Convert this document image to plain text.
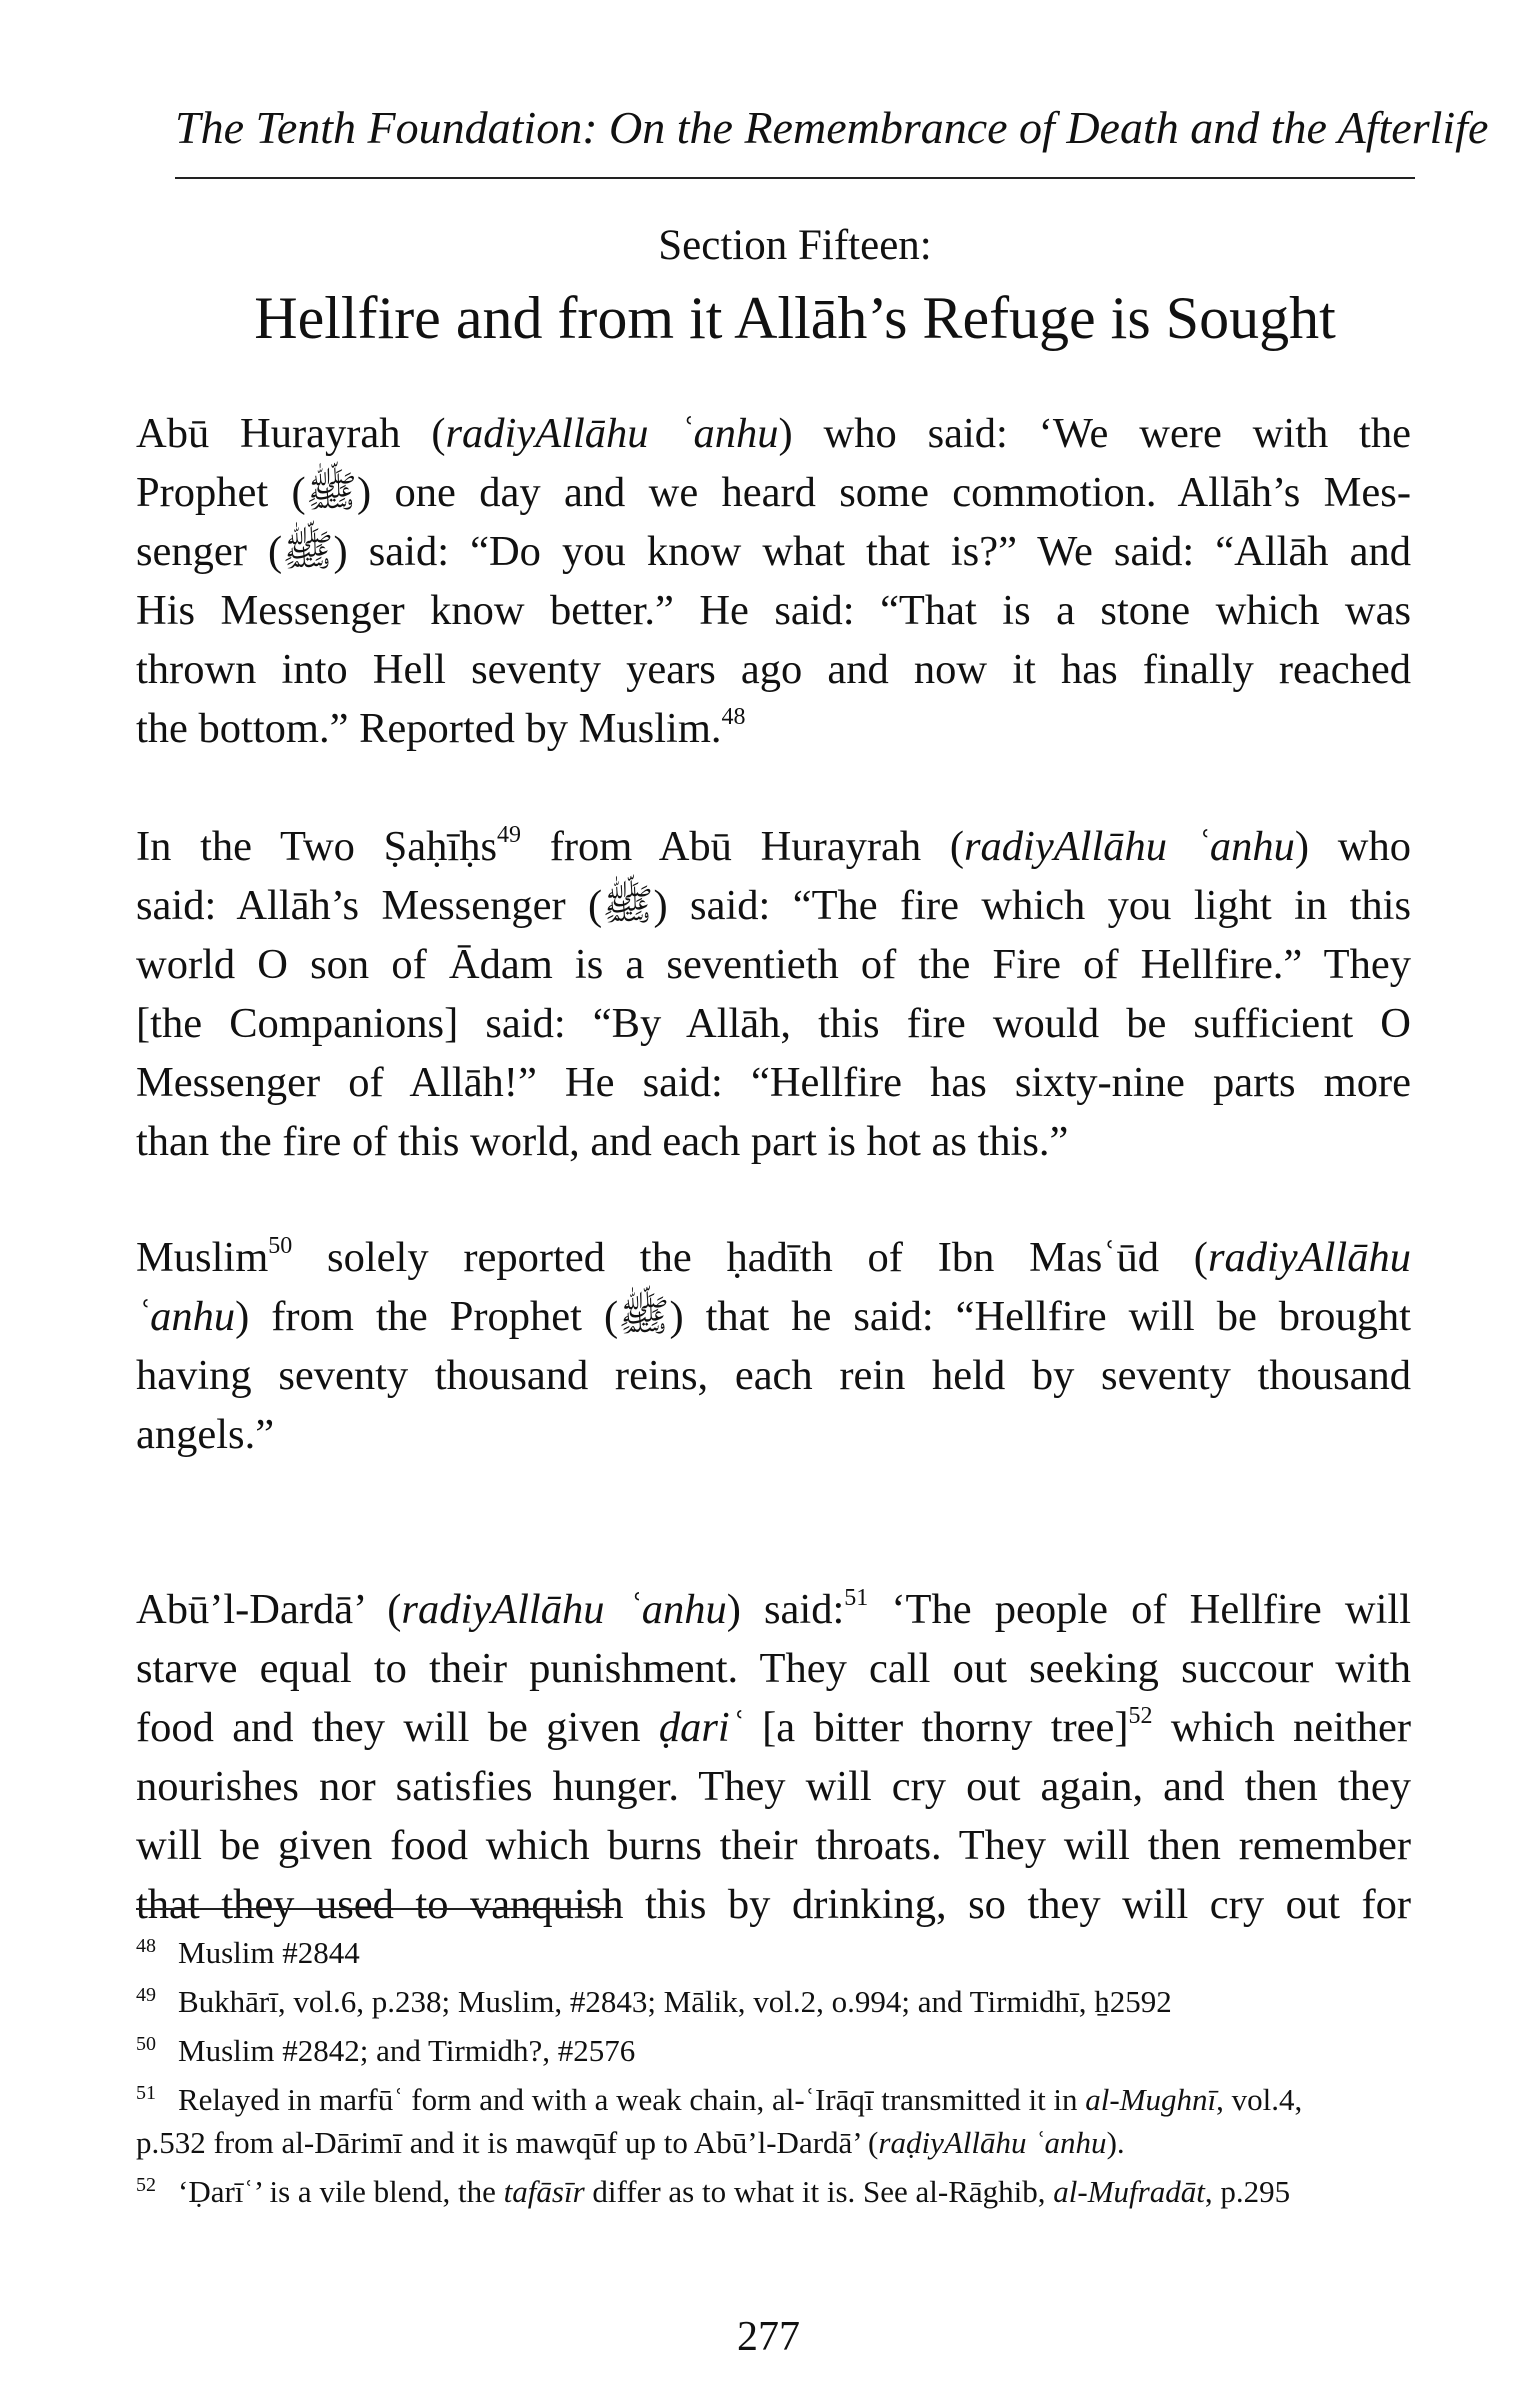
The Tenth Foundation: On the Remembrance of Death and the Afterlife
Section Fifteen:
Hellfire and from it Allāh’s Refuge is Sought
Abū Hurayrah (radiyAllāhu ʿanhu) who said: ‘We were with the
Prophet (ﷺ) one day and we heard some commotion. Allāh’s Mes-
senger (ﷺ) said: “Do you know what that is?” We said: “Allāh and
His Messenger know better.” He said: “That is a stone which was
thrown into Hell seventy years ago and now it has finally reached
the bottom.” Reported by Muslim.$^{48}$
In the Two Ṣaḥīḥs$^{49}$ from Abū Hurayrah (radiyAllāhu ʿanhu) who
said: Allāh’s Messenger (ﷺ) said: “The fire which you light in this
world O son of Ādam is a seventieth of the Fire of Hellfire.” They
[the Companions] said: “By Allāh, this fire would be sufficient O
Messenger of Allāh!” He said: “Hellfire has sixty-nine parts more
than the fire of this world, and each part is hot as this.”
Muslim$^{50}$ solely reported the ḥadīth of Ibn Masʿūd (radiyAllāhu
ʿanhu) from the Prophet (ﷺ) that he said: “Hellfire will be brought
having seventy thousand reins, each rein held by seventy thousand
angels.”
Abū’l-Dardā’ (radiyAllāhu ʿanhu) said:$^{51}$ ‘The people of Hellfire will
starve equal to their punishment. They call out seeking succour with
food and they will be given ḍariʿ [a bitter thorny tree]$^{52}$ which neither
nourishes nor satisfies hunger. They will cry out again, and then they
will be given food which burns their throats. They will then remember
that they used to vanquish this by drinking, so they will cry out for
48 Muslim #2844
49 Bukhārī, vol.6, p.238; Muslim, #2843; Mālik, vol.2, o.994; and Tirmidhī, ẖ2592
50 Muslim #2842; and Tirmidh?, #2576
51 Relayed in marfūʿ form and with a weak chain, al-ʿIrāqī transmitted it in al-Mughnī, vol.4,
p.532 from al-Dārimī and it is mawqūf up to Abū’l-Dardā’ (raḍiyAllāhu ʿanhu).
52 ‘Ḍarīʿ’ is a vile blend, the tafāsīr differ as to what it is. See al-Rāghib, al-Mufradāt, p.295
277
